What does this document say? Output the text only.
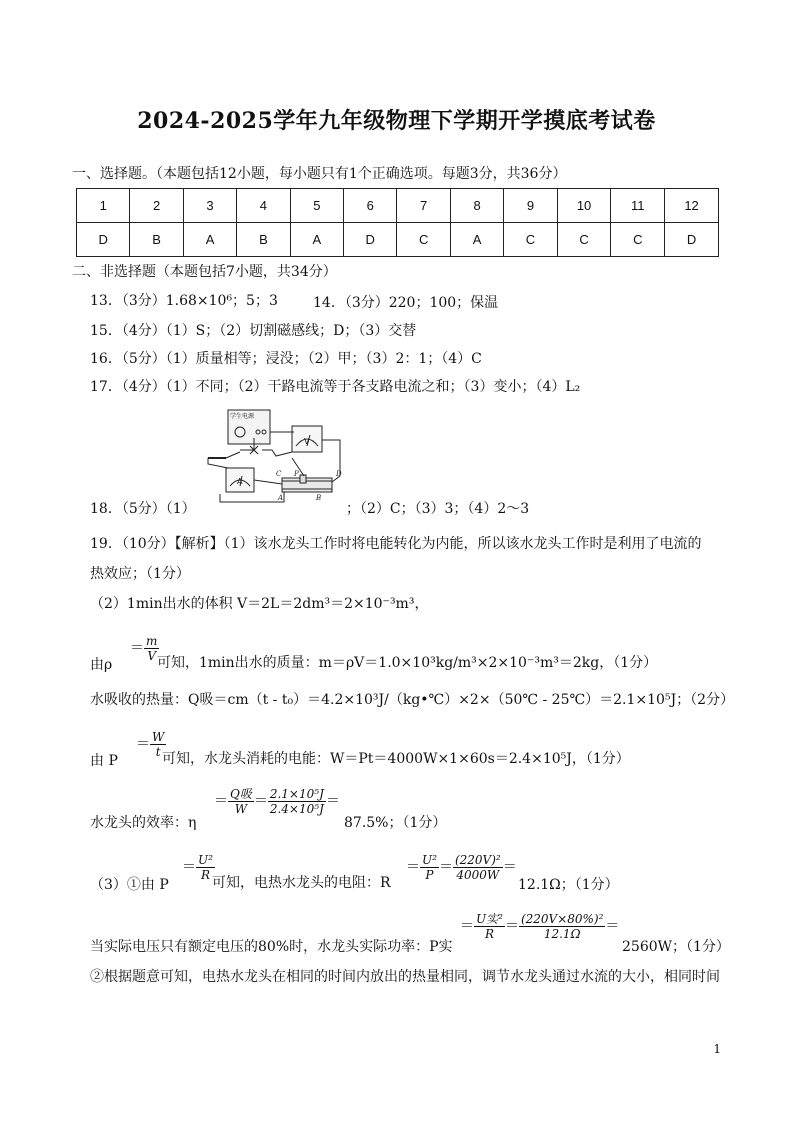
2024-2025学年九年级物理下学期开学摸底考试卷
一、选择题。（本题包括12小题，每小题只有1个正确选项。每题3分，共36分）
1	2	3	4	5	6	7	8	9	10	11	12
D	B	A	B	A	D	C	A	C	C	C	D
二、非选择题（本题包括7小题，共34分）
13．（3分）1.68×10⁶；5；3	14．（3分）220；100；保温
15．（4分）（1）S；（2）切割磁感线；D；（3）交替
16．（5分）（1）质量相等；浸没；（2）甲；（3）2：1；（4）C
17．（4分）（1）不同；（2）干路电流等于各支路电流之和；（3）变小；（4）L₂
18．（5分）（1）
学生电源
V
A
C P	D
A	B
；（2）C；（3）3；（4）2～3
19．（10分）【解析】（1）该水龙头工作时将电能转化为内能，所以该水龙头工作时是利用了电流的
热效应；（1分）
（2）1min出水的体积 V＝2L＝2dm³＝2×10⁻³m³，
由ρ
＝ $\frac{m}{V}$
可知，1min出水的质量：m＝ρV＝1.0×10³kg/m³×2×10⁻³m³＝2kg，（1分）
水吸收的热量：Q吸＝cm（t - t₀）＝4.2×10³J/（kg•℃）×2×（50℃ - 25℃）＝2.1×10⁵J；（2分）
由 P
＝ $\frac{W}{t}$
可知，水龙头消耗的电能：W＝Pt＝4000W×1×60s＝2.4×10⁵J，（1分）
水龙头的效率：η
＝ $\frac{\text{Q吸}}{W} = \frac{\text{2.1×10⁵J}}{\text{2.4×10⁵J}}$ ＝
87.5%；（1分）
（3）①由 P
＝ $\frac{\text{U²}}{R}$
可知，电热水龙头的电阻：R
＝ $\frac{\text{U²}}{P} = \frac{\text{(220V)²}}{4000W}$ ＝
12.1Ω；（1分）
当实际电压只有额定电压的80%时，水龙头实际功率：P实
＝ $\frac{\text{U实²}}{R} = \frac{\text{(220V×80\%)²}}{12.1\Omega}$ ＝
2560W；（1分）
②根据题意可知，电热水龙头在相同的时间内放出的热量相同，调节水龙头通过水流的大小，相同时间
1
